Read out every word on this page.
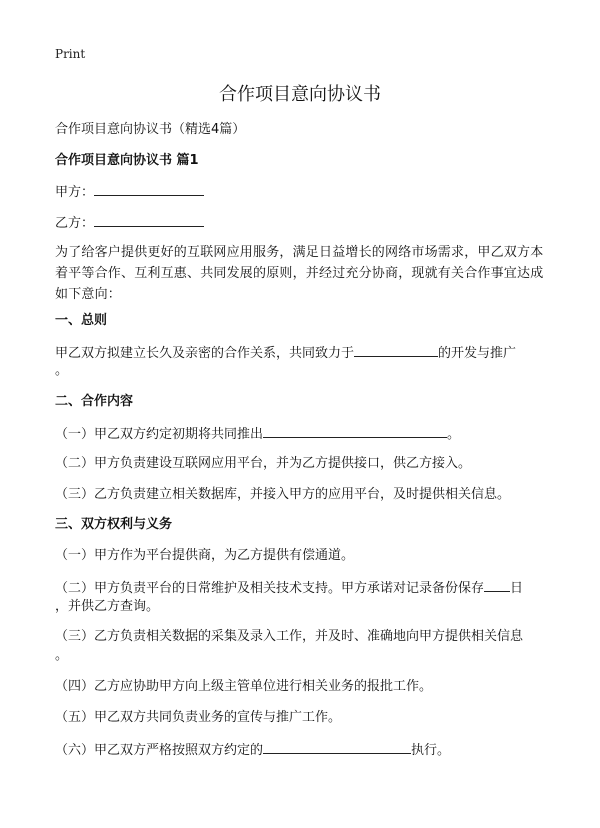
Print
合作项目意向协议书

合作项目意向协议书（精选4篇）

合作项目意向协议书 篇1

甲方：

乙方：

为了给客户提供更好的互联网应用服务，满足日益增长的网络市场需求，甲乙双方本着平等合作、互利互惠、共同发展的原则，并经过充分协商，现就有关合作事宜达成如下意向：

一、总则

甲乙双方拟建立长久及亲密的合作关系，共同致力于	的开发与推广

。

二、合作内容

（一）甲乙双方约定初期将共同推出	。

（二）甲方负责建设互联网应用平台，并为乙方提供接口，供乙方接入。

（三）乙方负责建立相关数据库，并接入甲方的应用平台，及时提供相关信息。

三、双方权利与义务

（一）甲方作为平台提供商，为乙方提供有偿通道。

（二）甲方负责平台的日常维护及相关技术支持。甲方承诺对记录备份保存 日

，并供乙方查询。

（三）乙方负责相关数据的采集及录入工作，并及时、准确地向甲方提供相关信息

。

（四）乙方应协助甲方向上级主管单位进行相关业务的报批工作。

（五）甲乙双方共同负责业务的宣传与推广工作。

（六）甲乙双方严格按照双方约定的	执行。
